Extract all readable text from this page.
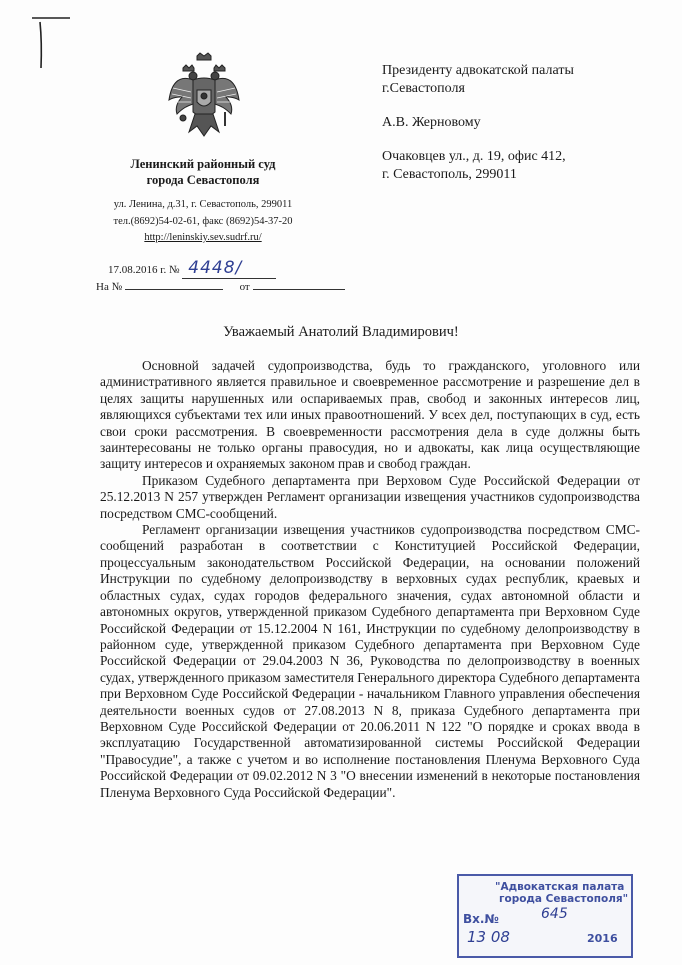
Ленинский районный суд
города Севастополя
ул. Ленина, д.31, г. Севастополь, 299011
тел.(8692)54-02-61, факс (8692)54-37-20
http://leninskiy.sev.sudrf.ru/
17.08.2016 г. № 4448/
На №	от

Президенту адвокатской палаты

г.Севастополя

А.В. Жерновому

Очаковцев ул., д. 19, офис 412,

г. Севастополь, 299011

Уважаемый Анатолий Владимирович!

Основной задачей судопроизводства, будь то гражданского, уголовного или административного является правильное и своевременное рассмотрение и разрешение дел в целях защиты нарушенных или оспариваемых прав, свобод и законных интересов лиц, являющихся субъектами тех или иных правоотношений. У всех дел, поступающих в суд, есть свои сроки рассмотрения. В своевременности рассмотрения дела в суде должны быть заинтересованы не только органы правосудия, но и адвокаты, как лица осуществляющие защиту интересов и охраняемых законом прав и свобод граждан.

Приказом Судебного департамента при Верховом Суде Российской Федерации от 25.12.2013 N 257 утвержден Регламент организации извещения участников судопроизводства посредством СМС-сообщений.

Регламент организации извещения участников судопроизводства посредством СМС-сообщений разработан в соответствии с Конституцией Российской Федерации, процессуальным законодательством Российской Федерации, на основании положений Инструкции по судебному делопроизводству в верховных судах республик, краевых и областных судах, судах городов федерального значения, судах автономной области и автономных округов, утвержденной приказом Судебного департамента при Верховном Суде Российской Федерации от 15.12.2004 N 161, Инструкции по судебному делопроизводству в районном суде, утвержденной приказом Судебного департамента при Верховном Суде Российской Федерации от 29.04.2003 N 36, Руководства по делопроизводству в военных судах, утвержденного приказом заместителя Генерального директора Судебного департамента при Верховном Суде Российской Федерации - начальником Главного управления обеспечения деятельности военных судов от 27.08.2013 N 8, приказа Судебного департамента при Верховном Суде Российской Федерации от 20.06.2011 N 122 "О порядке и сроках ввода в эксплуатацию Государственной автоматизированной системы Российской Федерации "Правосудие", а также с учетом и во исполнение постановления Пленума Верховного Суда Российской Федерации от 09.02.2012 N 3 "О внесении изменений в некоторые постановления Пленума Верховного Суда Российской Федерации".

"Адвокатская палата
города Севастополя"
Вх.№	645
13 08	2016
